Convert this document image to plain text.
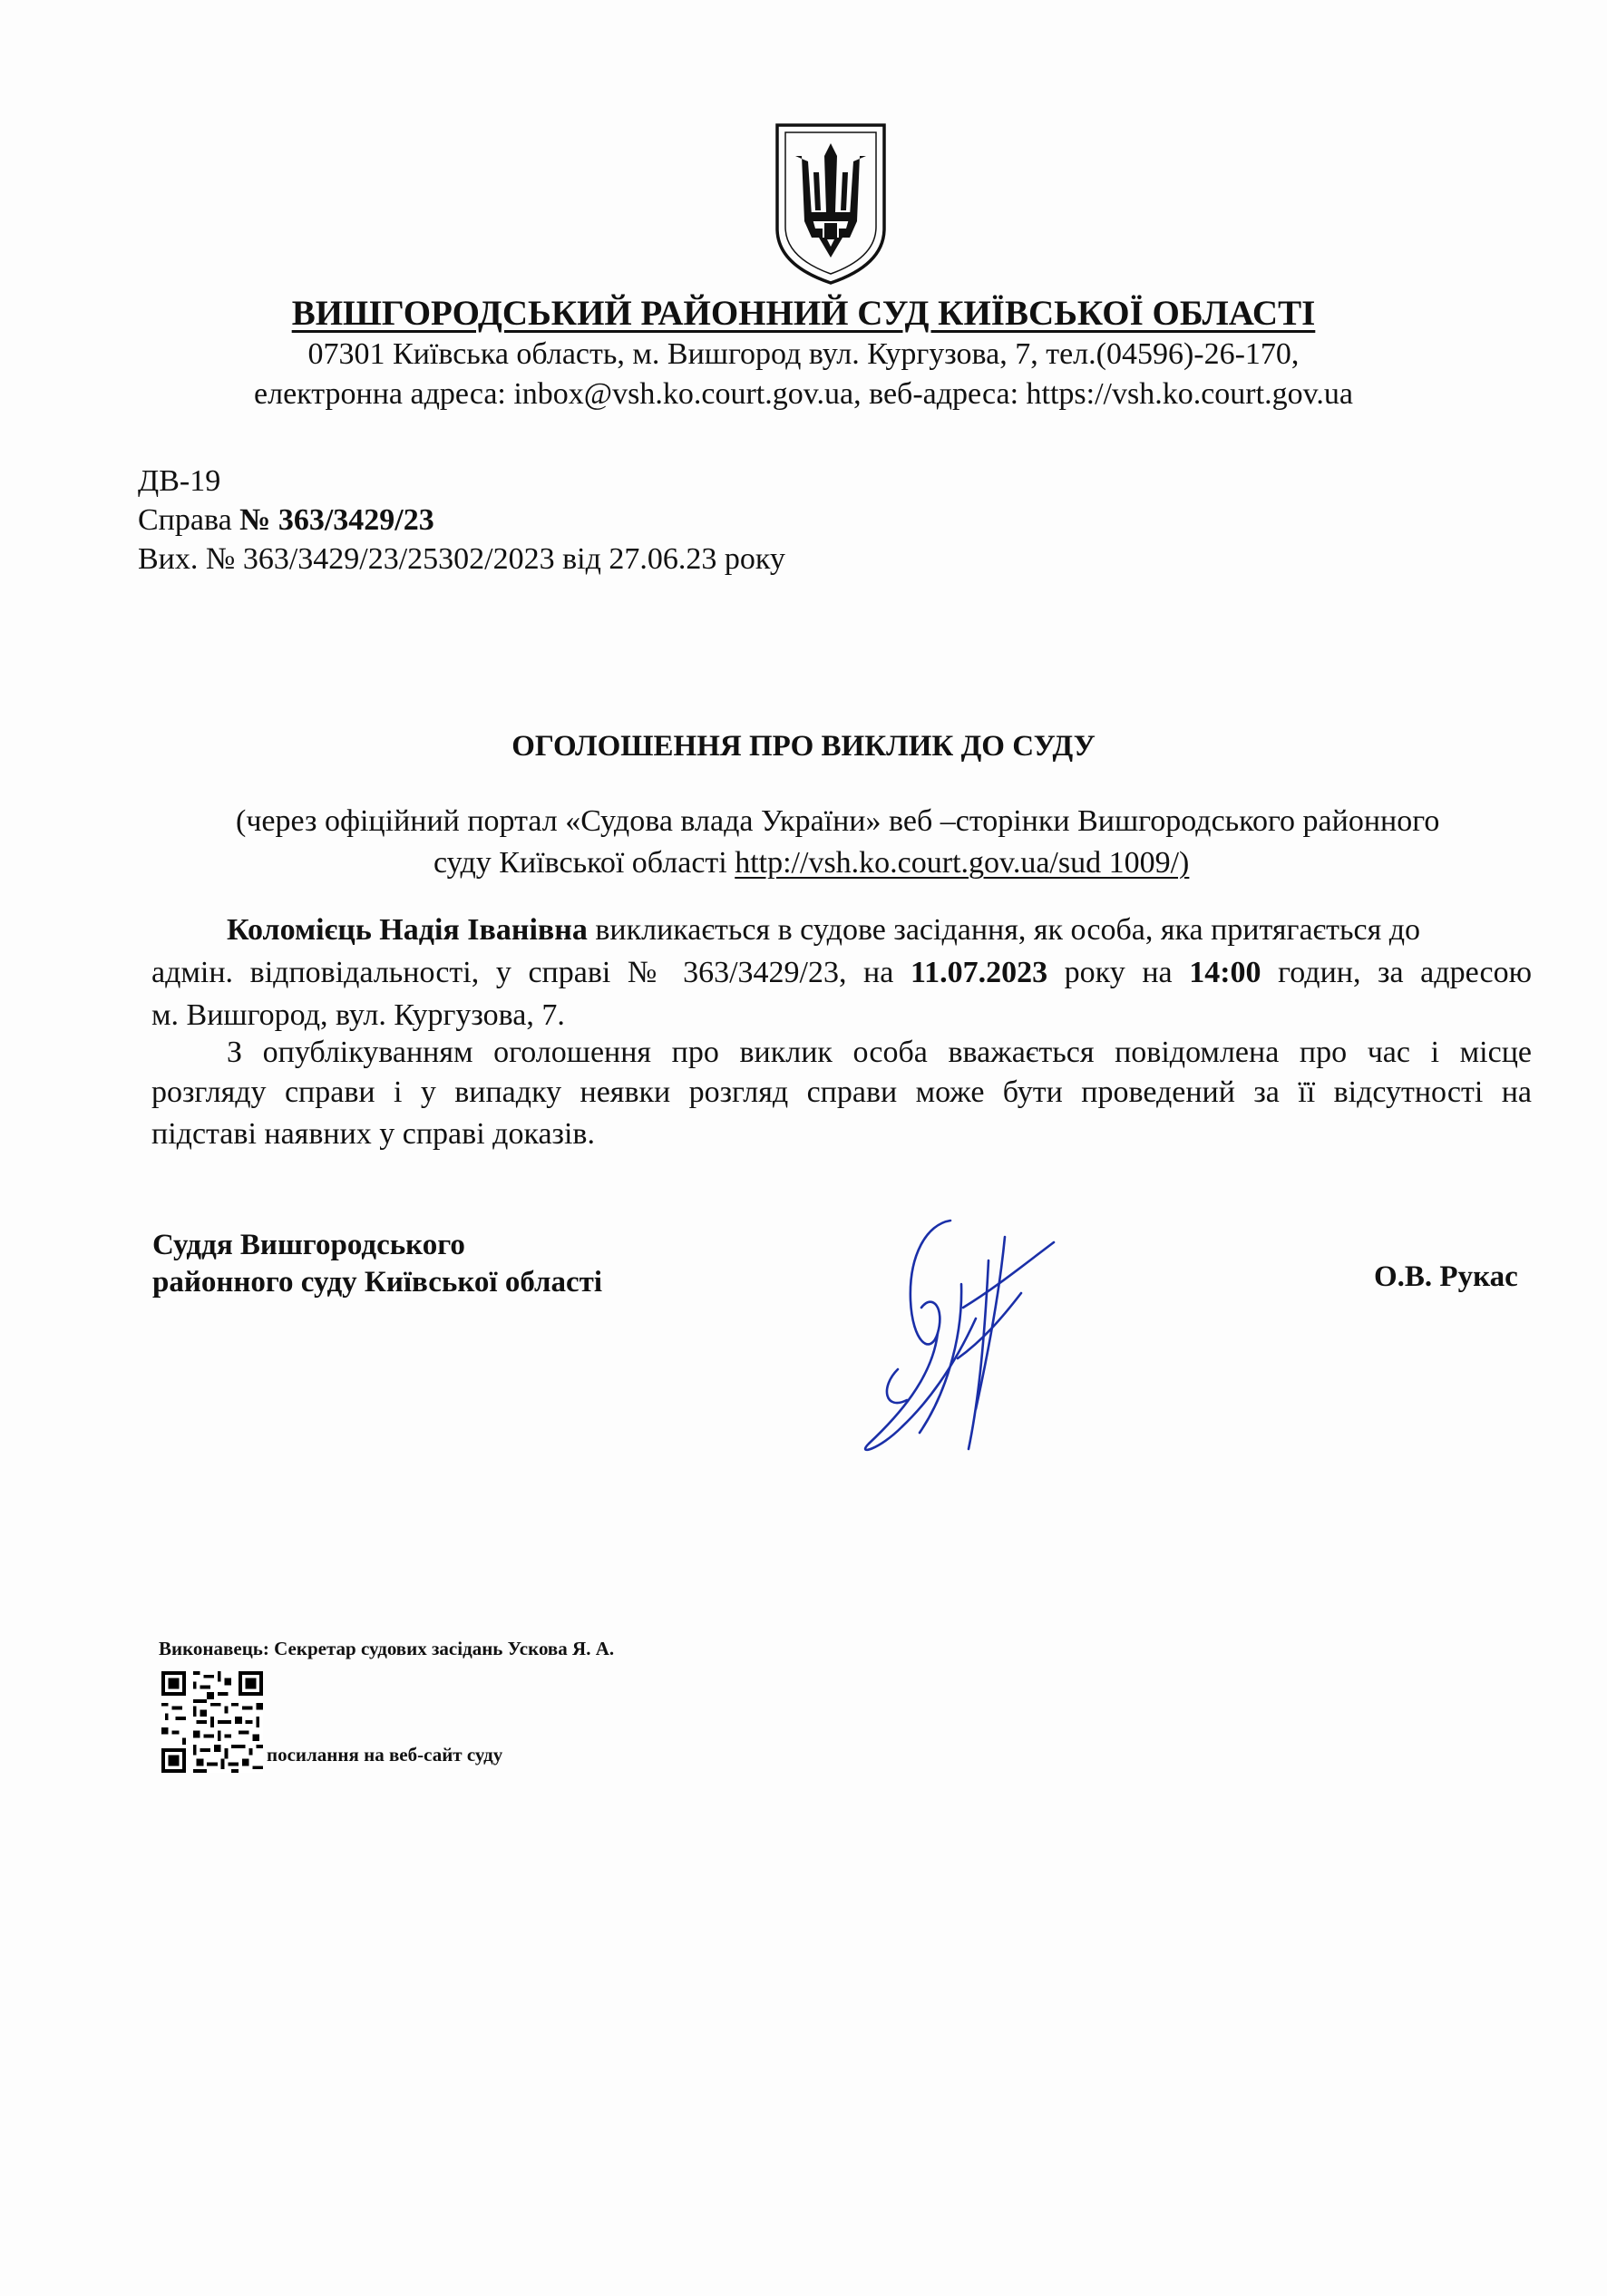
ВИШГОРОДСЬКИЙ РАЙОННИЙ СУД КИЇВСЬКОЇ ОБЛАСТІ
07301 Київська область, м. Вишгород вул. Кургузова, 7, тел.(04596)-26-170,
електронна адреса: inbox@vsh.ko.court.gov.ua, веб-адреса: https://vsh.ko.court.gov.ua
ДВ-19
Справа № 363/3429/23
Вих. № 363/3429/23/25302/2023 від 27.06.23 року
ОГОЛОШЕННЯ ПРО ВИКЛИК ДО СУДУ
(через офіційний портал «Судова влада України» веб –сторінки Вишгородського районного
суду Київської області http://vsh.ko.court.gov.ua/sud 1009/)
Коломієць Надія Іванівна викликається в судове засідання, як особа, яка притягається до
адмін. відповідальності, у справі № 363/3429/23, на 11.07.2023 року на 14:00 годин, за адресою
м. Вишгород, вул. Кургузова, 7.
З опублікуванням оголошення про виклик особа вважається повідомлена про час і місце
розгляду справи і у випадку неявки розгляд справи може бути проведений за її відсутності на
підставі наявних у справі доказів.
Суддя Вишгородського
районного суду Київської області	О.В. Рукас
Виконавець: Секретар судових засідань Ускова Я. А.
посилання на веб-сайт суду
